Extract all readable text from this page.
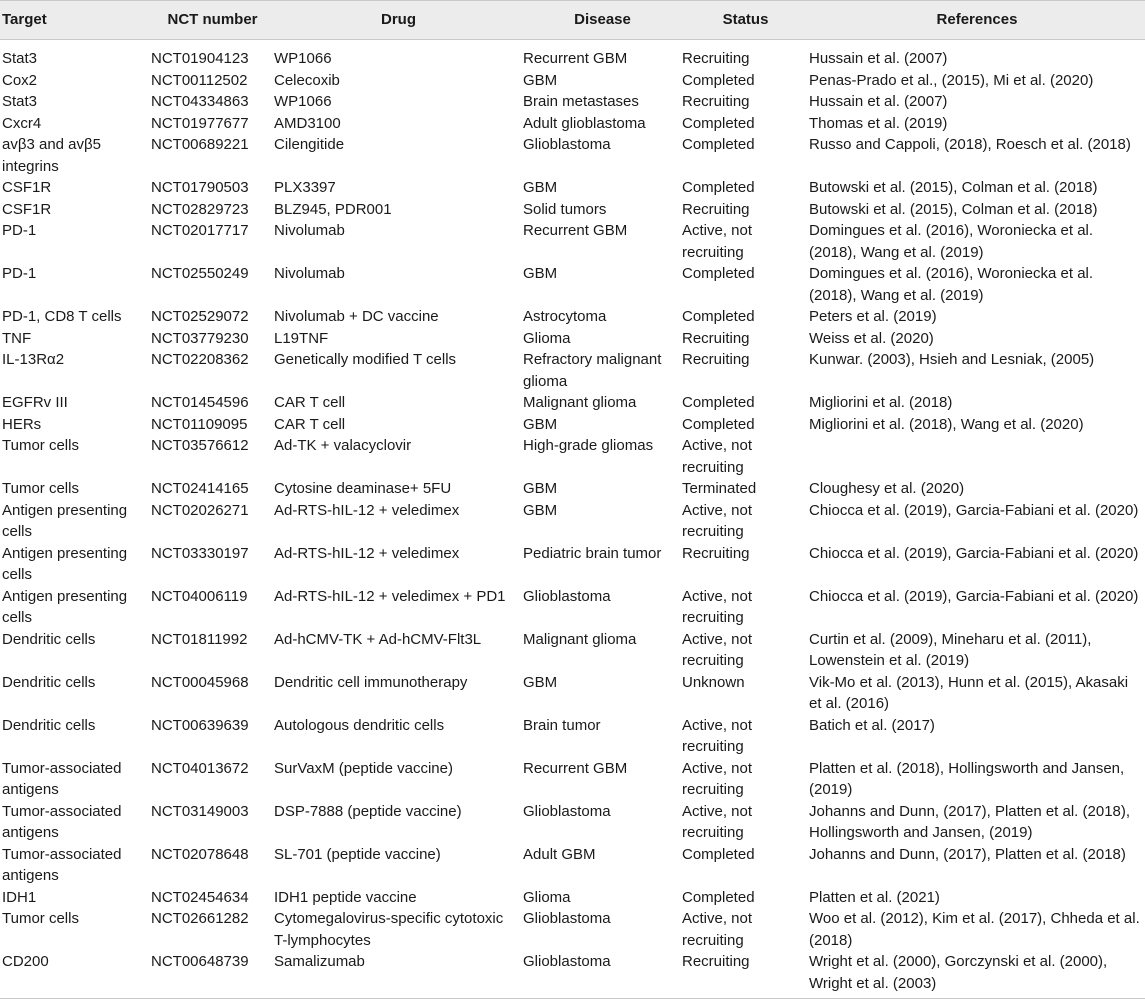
Target	NCT number	Drug	Disease	Status	References
Stat3	NCT01904123	WP1066	Recurrent GBM	Recruiting	Hussain et al. (2007)
Cox2	NCT00112502	Celecoxib	GBM	Completed	Penas-Prado et al., (2015), Mi et al. (2020)
Stat3	NCT04334863	WP1066	Brain metastases	Recruiting	Hussain et al. (2007)
Cxcr4	NCT01977677	AMD3100	Adult glioblastoma	Completed	Thomas et al. (2019)
avβ3 and avβ5 integrins	NCT00689221	Cilengitide	Glioblastoma	Completed	Russo and Cappoli, (2018), Roesch et al. (2018)
CSF1R	NCT01790503	PLX3397	GBM	Completed	Butowski et al. (2015), Colman et al. (2018)
CSF1R	NCT02829723	BLZ945, PDR001	Solid tumors	Recruiting	Butowski et al. (2015), Colman et al. (2018)
PD-1	NCT02017717	Nivolumab	Recurrent GBM	Active, not recruiting	Domingues et al. (2016), Woroniecka et al. (2018), Wang et al. (2019)
PD-1	NCT02550249	Nivolumab	GBM	Completed	Domingues et al. (2016), Woroniecka et al. (2018), Wang et al. (2019)
PD-1, CD8 T cells	NCT02529072	Nivolumab + DC vaccine	Astrocytoma	Completed	Peters et al. (2019)
TNF	NCT03779230	L19TNF	Glioma	Recruiting	Weiss et al. (2020)
IL-13Rα2	NCT02208362	Genetically modified T cells	Refractory malignant glioma	Recruiting	Kunwar. (2003), Hsieh and Lesniak, (2005)
EGFRv III	NCT01454596	CAR T cell	Malignant glioma	Completed	Migliorini et al. (2018)
HERs	NCT01109095	CAR T cell	GBM	Completed	Migliorini et al. (2018), Wang et al. (2020)
Tumor cells	NCT03576612	Ad-TK + valacyclovir	High-grade gliomas	Active, not recruiting	
Tumor cells	NCT02414165	Cytosine deaminase+ 5FU	GBM	Terminated	Cloughesy et al. (2020)
Antigen presenting cells	NCT02026271	Ad-RTS-hIL-12 + veledimex	GBM	Active, not recruiting	Chiocca et al. (2019), Garcia-Fabiani et al. (2020)
Antigen presenting cells	NCT03330197	Ad-RTS-hIL-12 + veledimex	Pediatric brain tumor	Recruiting	Chiocca et al. (2019), Garcia-Fabiani et al. (2020)
Antigen presenting cells	NCT04006119	Ad-RTS-hIL-12 + veledimex + PD1	Glioblastoma	Active, not recruiting	Chiocca et al. (2019), Garcia-Fabiani et al. (2020)
Dendritic cells	NCT01811992	Ad-hCMV-TK + Ad-hCMV-Flt3L	Malignant glioma	Active, not recruiting	Curtin et al. (2009), Mineharu et al. (2011), Lowenstein et al. (2019)
Dendritic cells	NCT00045968	Dendritic cell immunotherapy	GBM	Unknown	Vik-Mo et al. (2013), Hunn et al. (2015), Akasaki et al. (2016)
Dendritic cells	NCT00639639	Autologous dendritic cells	Brain tumor	Active, not recruiting	Batich et al. (2017)
Tumor-associated antigens	NCT04013672	SurVaxM (peptide vaccine)	Recurrent GBM	Active, not recruiting	Platten et al. (2018), Hollingsworth and Jansen, (2019)
Tumor-associated antigens	NCT03149003	DSP-7888 (peptide vaccine)	Glioblastoma	Active, not recruiting	Johanns and Dunn, (2017), Platten et al. (2018), Hollingsworth and Jansen, (2019)
Tumor-associated antigens	NCT02078648	SL-701 (peptide vaccine)	Adult GBM	Completed	Johanns and Dunn, (2017), Platten et al. (2018)
IDH1	NCT02454634	IDH1 peptide vaccine	Glioma	Completed	Platten et al. (2021)
Tumor cells	NCT02661282	Cytomegalovirus-specific cytotoxic T-lymphocytes	Glioblastoma	Active, not recruiting	Woo et al. (2012), Kim et al. (2017), Chheda et al. (2018)
CD200	NCT00648739	Samalizumab	Glioblastoma	Recruiting	Wright et al. (2000), Gorczynski et al. (2000), Wright et al. (2003)
